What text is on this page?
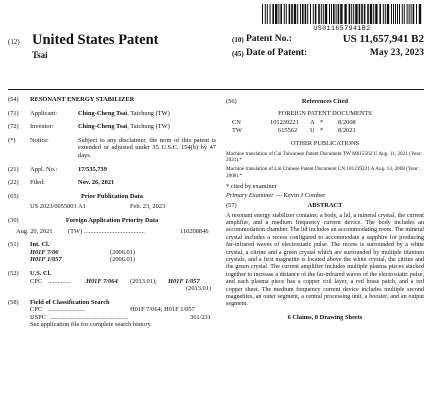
US011657941B2
(12) United States Patent
Tsai
(10) Patent No.:	US 11,657,941 B2
(45) Date of Patent:	May 23, 2023
(54) RESONANT ENERGY STABILIZER
(71) Applicant:	Ching-Cheng Tsai, Taichung (TW)
(72) Inventor:	Ching-Cheng Tsai, Taichung (TW)
(*) Notice:	Subject to any disclaimer, the term of this patent is extended or adjusted under 35 U.S.C. 154(b) by 47 days.
(21) Appl. No.:	17/535,739
(22) Filed:	Nov. 26, 2021
(65)	Prior Publication Data
US 2023/0055001 A1	Feb. 23, 2023
(30)	Foreign Application Priority Data
Aug. 20, 2021 (TW) ......................................	110208846
(51) Int. Cl.
H01F 7/06	(2006.01)
H01F 1/057	(2006.01)
(52) U.S. Cl.
CPC ..............	H01F 7/064 (2013.01); H01F 1/057
(2013.01)
(58) Field of Classification Search
CPC .......................	H01F 7/064; H01F 1/057
USPC .................................................	361/231
See application file for complete search history.
(56)	References Cited
FOREIGN PATENT DOCUMENTS
CN	101239221 A * 8/2008
TW	615562 U * 8/2021
OTHER PUBLICATIONS
Machine translation of Cai Taiwanese Patent Document TW M615562 U Aug. 11, 2021 (Year: 2021).*
Machine translation of Lin Chinese Patent Document CN 101239221 A Aug. 13, 2008 (Year: 2008).*
* cited by examiner
Primary Examiner — Kevin J Comber
(57)	ABSTRACT
A resonant energy stabilizer contains: a body, a lid, a mineral crystal, the current amplifier, and a medium frequency current device. The body includes an accommodation chamber. The lid includes an accommodating room. The mineral crystal includes a recess configured to accommodate a sapphire for producing far-infrared waves of electrostatic pulse. The recess is surrounded by a white crystal, a citrine and a green crystal which are surrounded by multiple titanium crystals, and a first magnetite is located above the white crystal, the citrine and the green crystal. The current amplifier includes multiple plasma pieces stacked together to increase a distance of the far-infrared waves of the electrostatic pulse, and each plasma piece has a copper coil layer, a red brass patch, and a red copper sheet. The medium frequency current device includes multiple second magnetites, an outer segment, a central processing unit, a booster, and an output segment.
6 Claims, 8 Drawing Sheets
